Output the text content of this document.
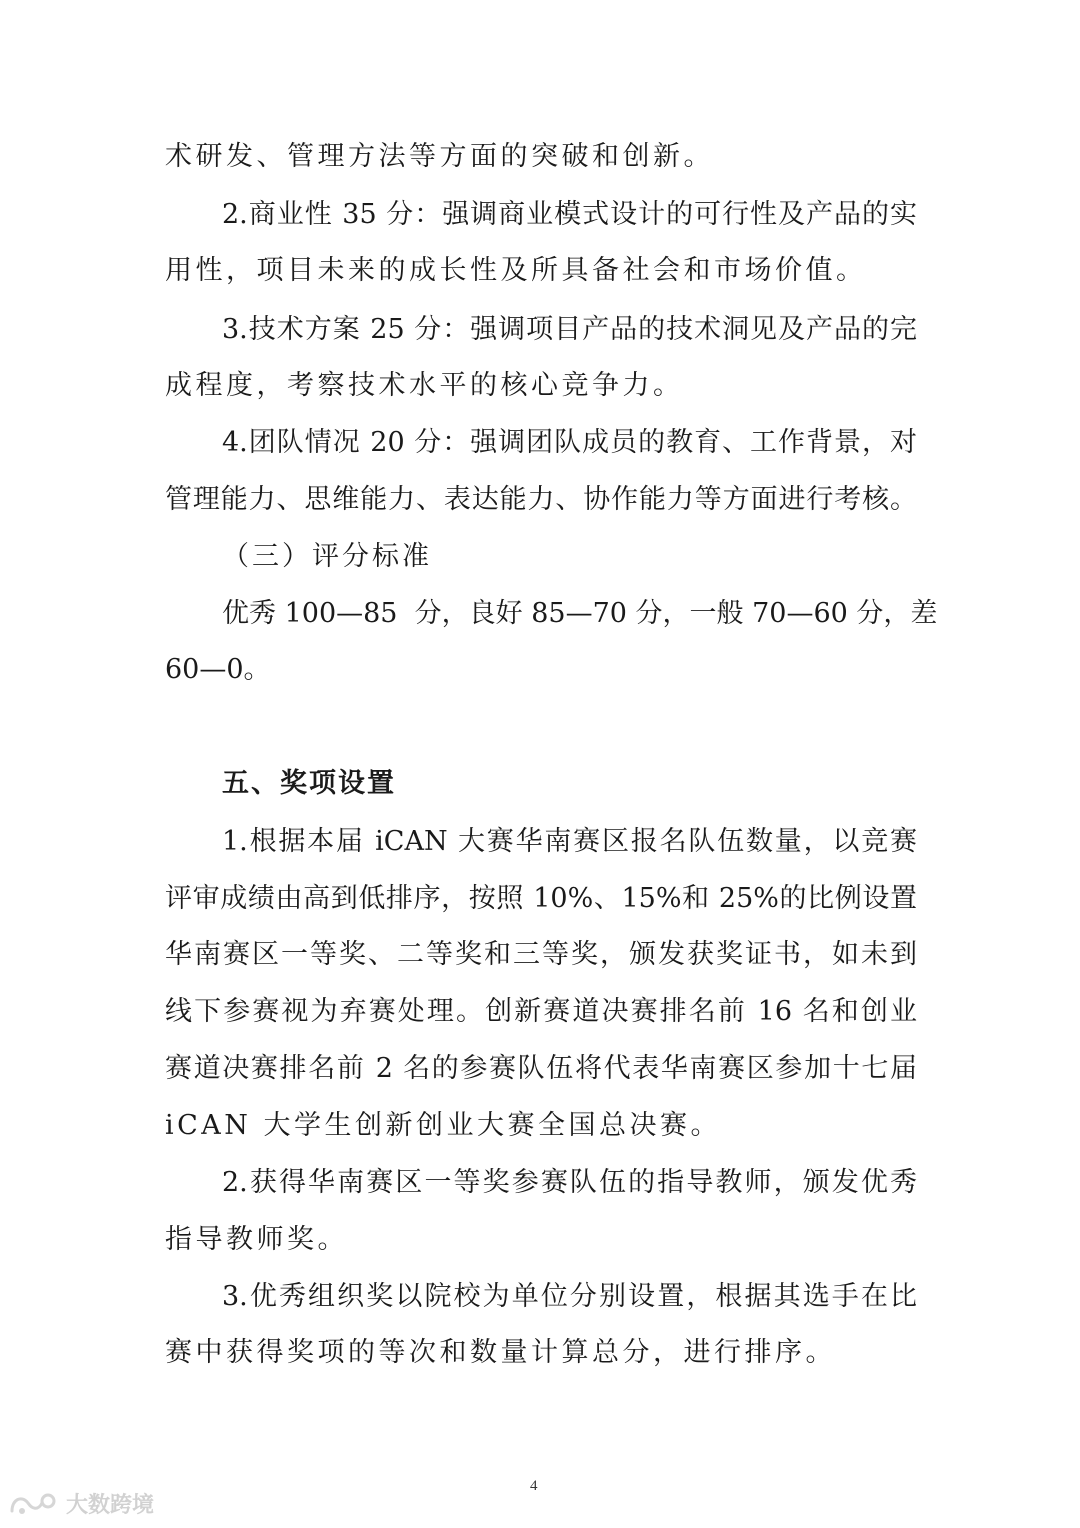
术研发、管理方法等方面的突破和创新。
2.商业性 35 分：强调商业模式设计的可行性及产品的实
用性，项目未来的成长性及所具备社会和市场价值。
3.技术方案 25 分：强调项目产品的技术洞见及产品的完
成程度，考察技术水平的核心竞争力。
4.团队情况 20 分：强调团队成员的教育、工作背景，对
管理能力、思维能力、表达能力、协作能力等方面进行考核。
（三）评分标准
优秀 100—85  分，良好 85—70 分，一般 70—60 分，差
60—0。
五、奖项设置
1.根据本届 iCAN 大赛华南赛区报名队伍数量，以竞赛
评审成绩由高到低排序，按照 10%、15%和 25%的比例设置
华南赛区一等奖、二等奖和三等奖，颁发获奖证书，如未到
线下参赛视为弃赛处理。创新赛道决赛排名前 16 名和创业
赛道决赛排名前 2 名的参赛队伍将代表华南赛区参加十七届
iCAN 大学生创新创业大赛全国总决赛。
2.获得华南赛区一等奖参赛队伍的指导教师，颁发优秀
指导教师奖。
3.优秀组织奖以院校为单位分别设置，根据其选手在比
赛中获得奖项的等次和数量计算总分，进行排序。
4
大数跨境
